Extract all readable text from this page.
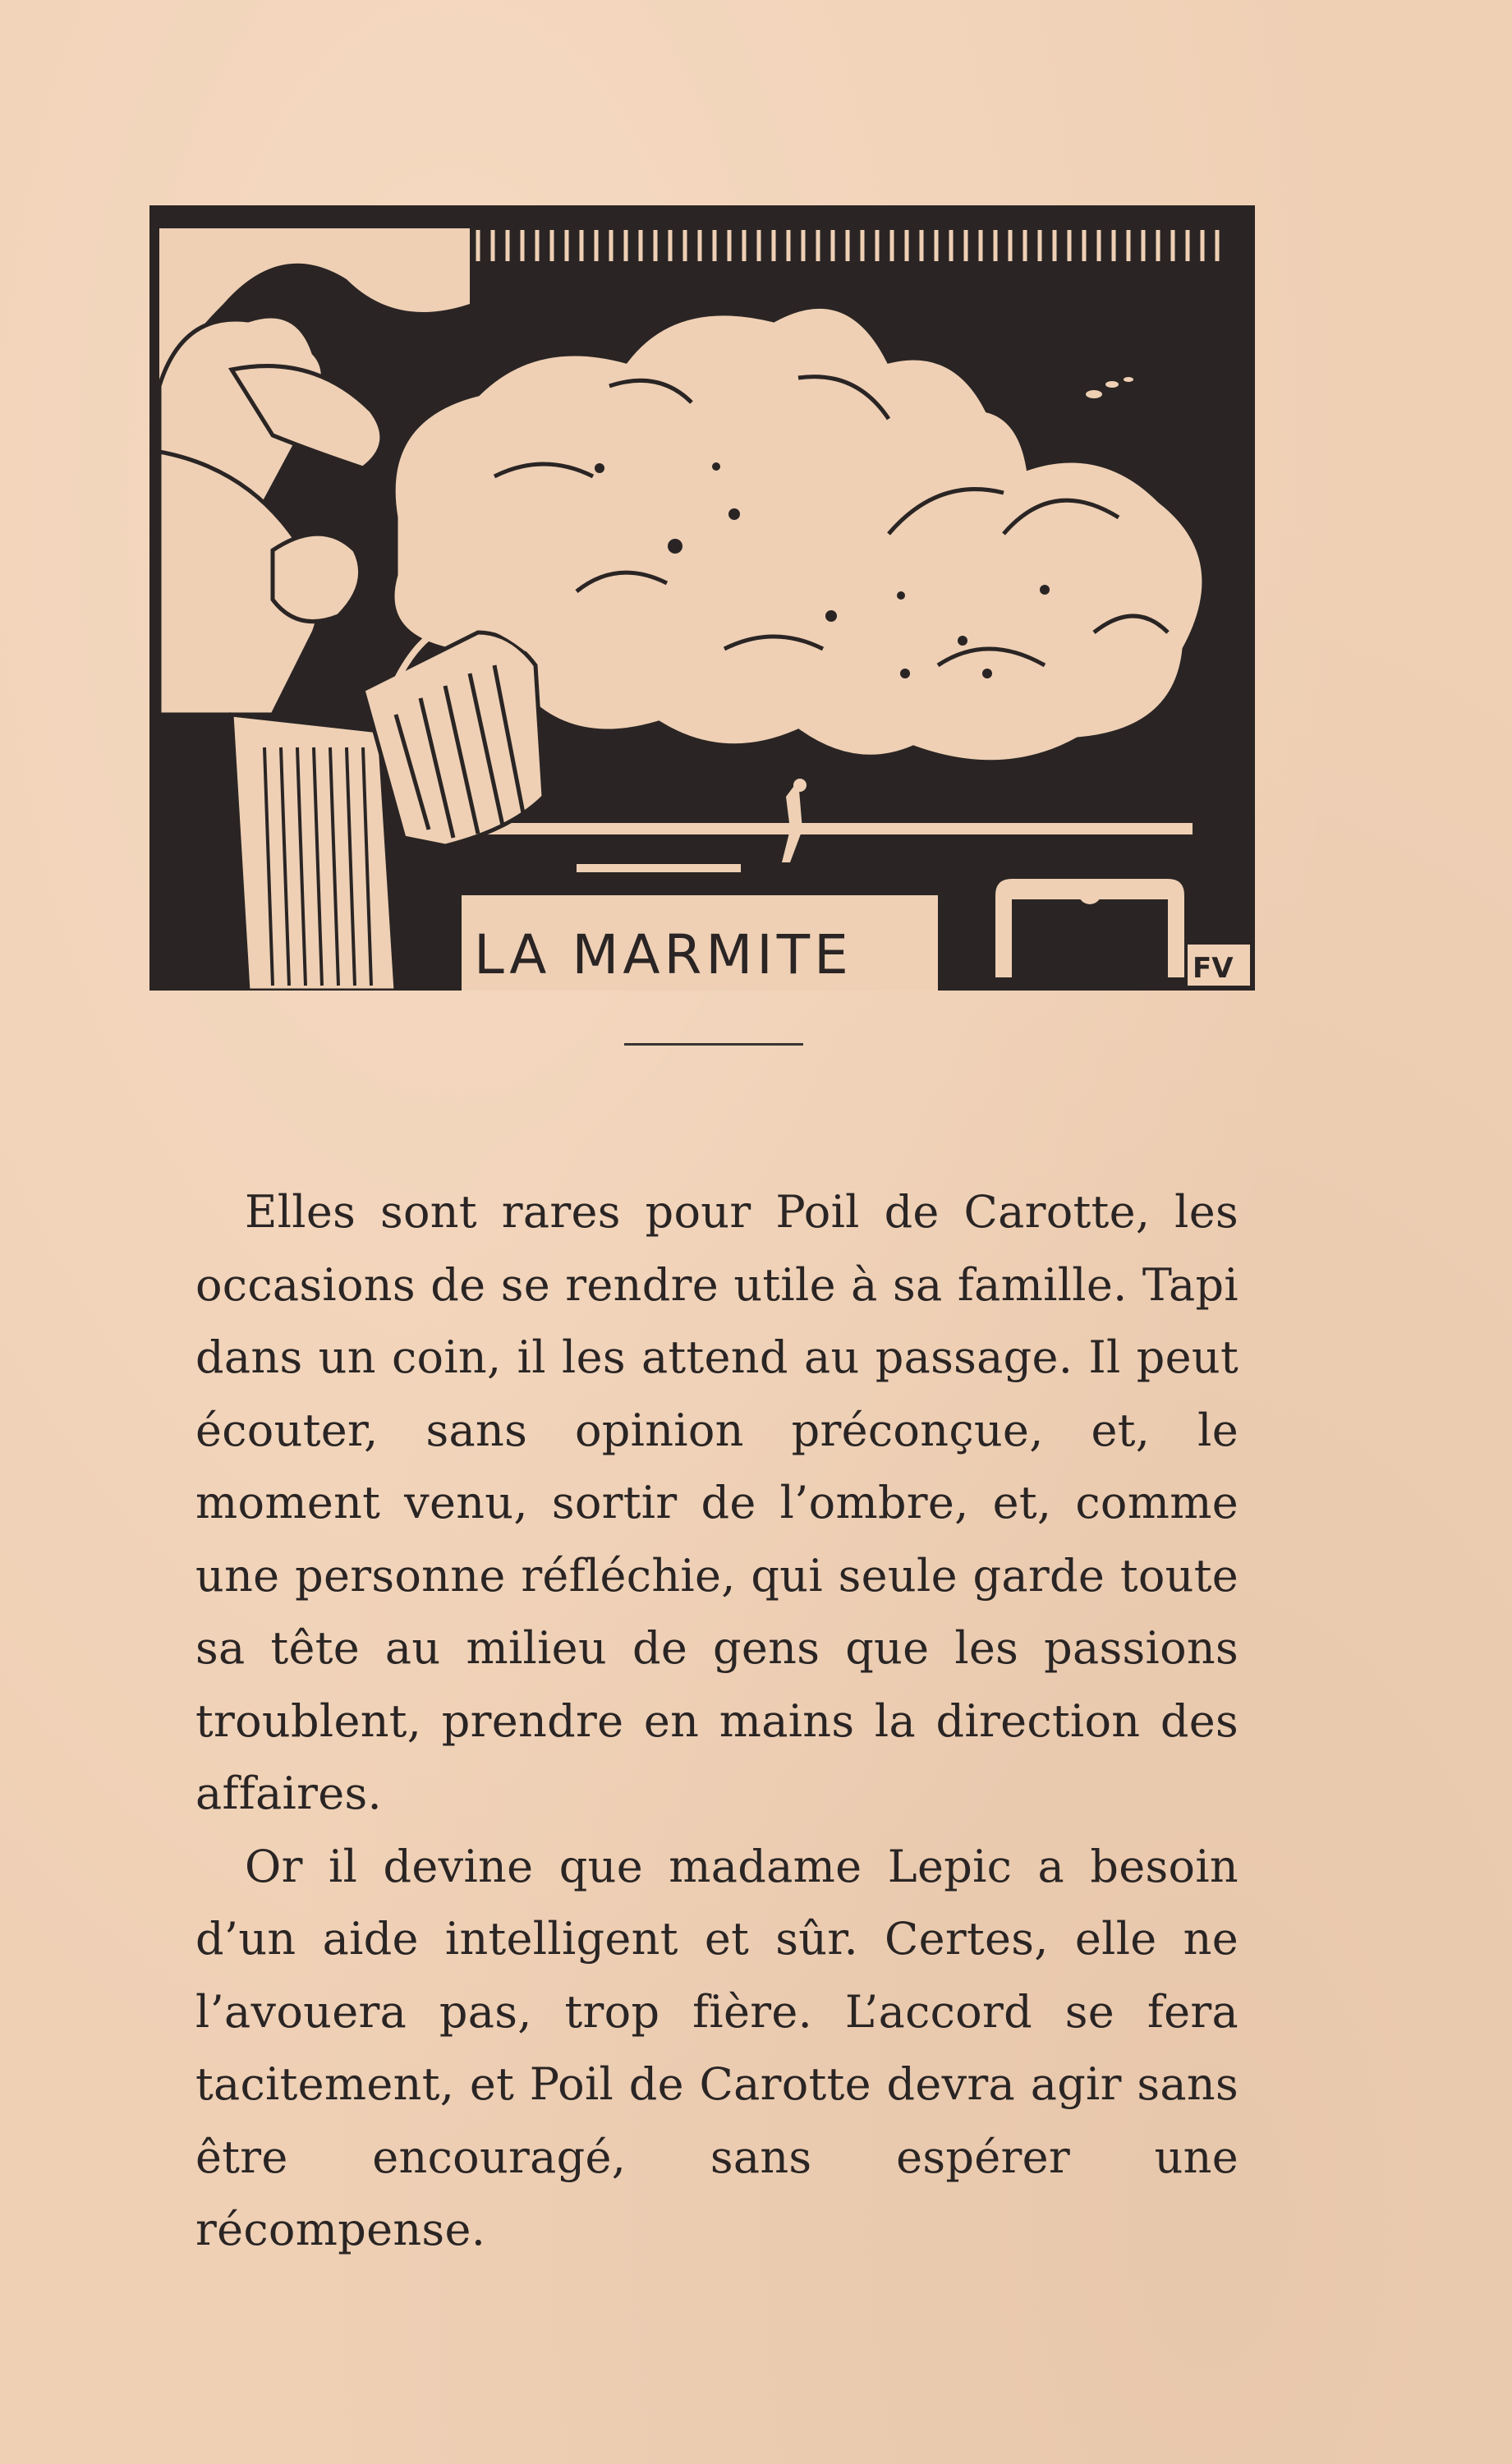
LA MARMITE	FV

Elles sont rares pour Poil de Carotte, les occasions de se rendre utile à sa famille. Tapi dans un coin, il les attend au passage. Il peut écouter, sans opinion préconçue, et, le moment venu, sortir de l’ombre, et, comme une personne réfléchie, qui seule garde toute sa tête au milieu de gens que les passions troublent, prendre en mains la direction des affaires.

Or il devine que madame Lepic a besoin d’un aide intelligent et sûr. Certes, elle ne l’avouera pas, trop fière. L’accord se fera tacitement, et Poil de Carotte devra agir sans être encouragé, sans espérer une récompense.
